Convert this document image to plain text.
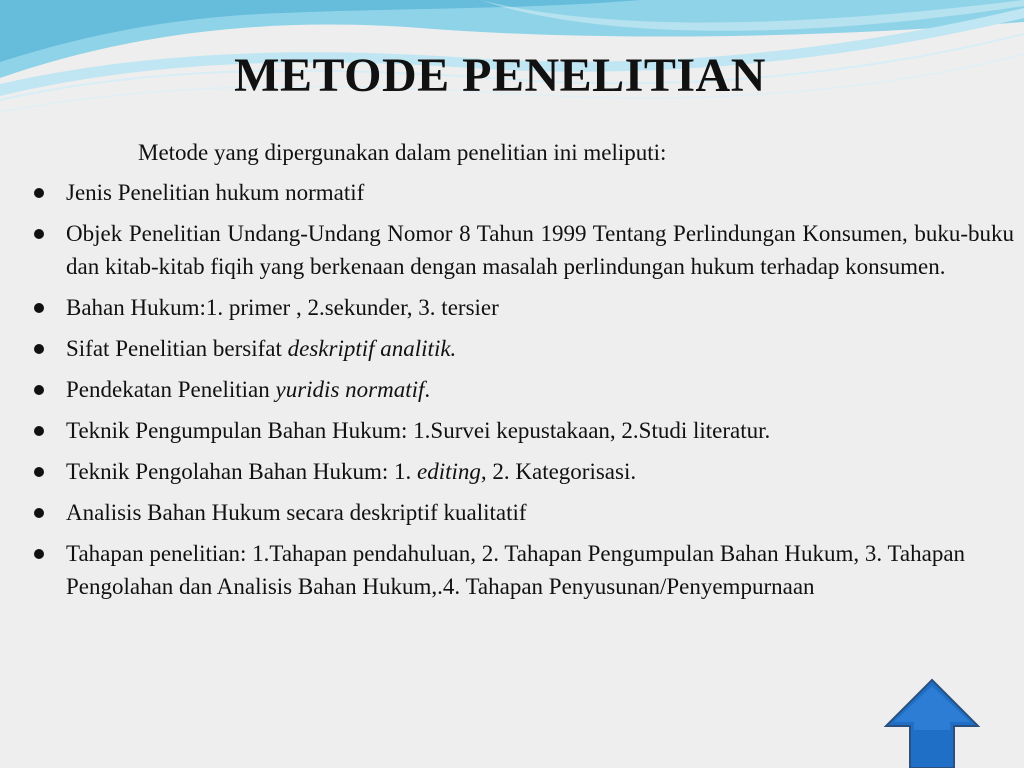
METODE PENELITIAN
Metode yang dipergunakan dalam penelitian ini meliputi:
Jenis Penelitian hukum normatif
Objek Penelitian Undang-Undang Nomor 8 Tahun 1999 Tentang Perlindungan Konsumen, buku-buku dan kitab-kitab fiqih yang berkenaan dengan masalah perlindungan hukum terhadap konsumen.
Bahan Hukum:1. primer , 2.sekunder, 3. tersier
Sifat Penelitian bersifat deskriptif analitik.
Pendekatan Penelitian yuridis normatif.
Teknik Pengumpulan Bahan Hukum: 1.Survei kepustakaan, 2.Studi literatur.
Teknik Pengolahan Bahan Hukum: 1. editing, 2. Kategorisasi.
Analisis Bahan Hukum secara deskriptif kualitatif
Tahapan penelitian: 1.Tahapan pendahuluan, 2. Tahapan Pengumpulan Bahan Hukum, 3. Tahapan Pengolahan dan Analisis Bahan Hukum,.4. Tahapan Penyusunan/Penyempurnaan
